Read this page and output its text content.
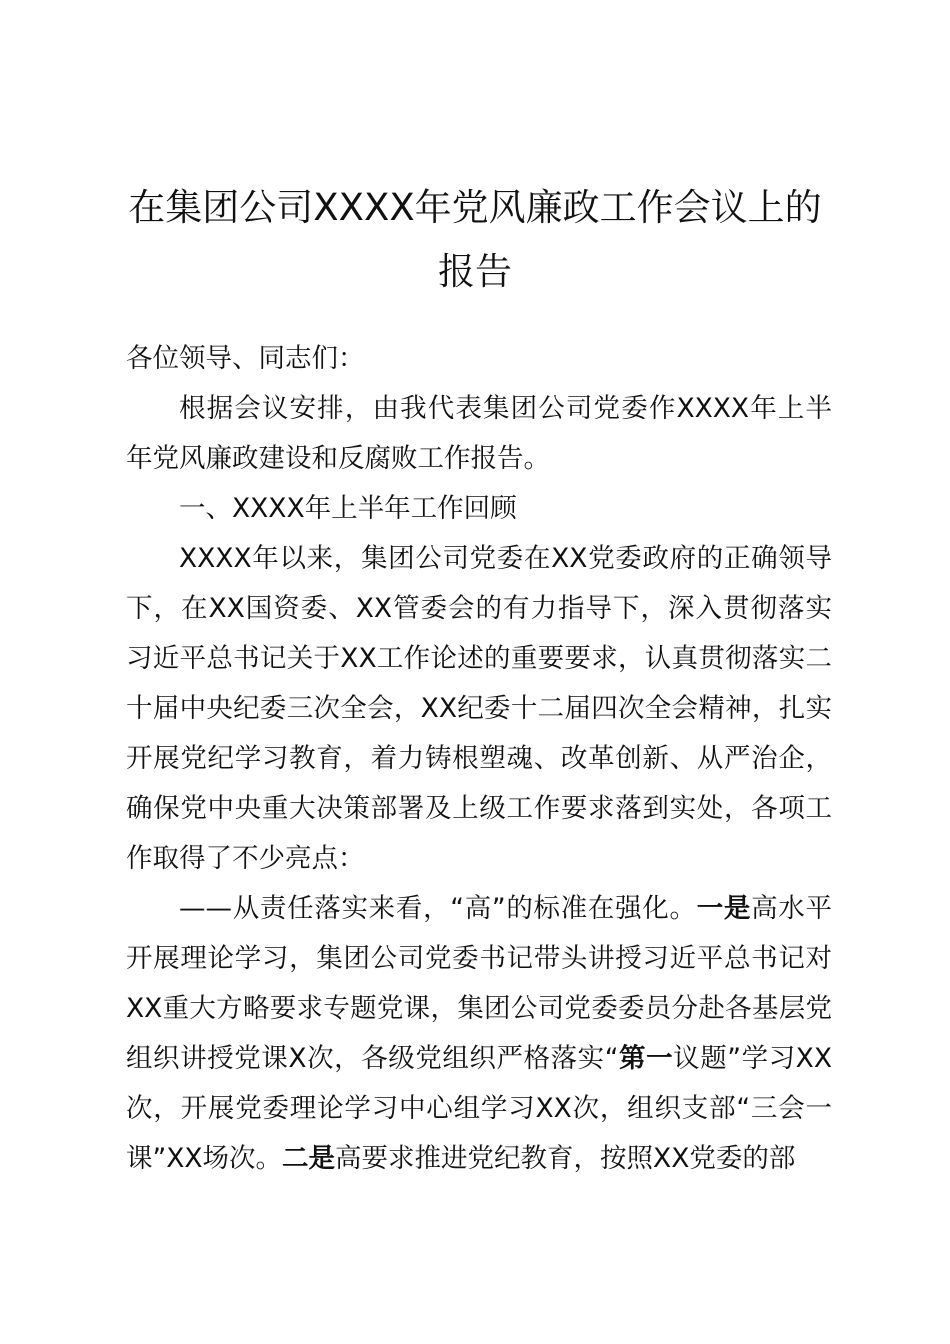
在集团公司XXXX年党风廉政工作会议上的
报告

各位领导、同志们：

根据会议安排，由我代表集团公司党委作XXXX年上半年党风廉政建设和反腐败工作报告。

一、XXXX年上半年工作回顾

XXXX年以来，集团公司党委在XX党委政府的正确领导下，在XX国资委、XX管委会的有力指导下，深入贯彻落实习近平总书记关于XX工作论述的重要要求，认真贯彻落实二十届中央纪委三次全会，XX纪委十二届四次全会精神，扎实开展党纪学习教育，着力铸根塑魂、改革创新、从严治企，确保党中央重大决策部署及上级工作要求落到实处，各项工作取得了不少亮点：

——从责任落实来看，“高”的标准在强化。一是高水平开展理论学习，集团公司党委书记带头讲授习近平总书记对XX重大方略要求专题党课，集团公司党委委员分赴各基层党组织讲授党课X次，各级党组织严格落实“第一议题”学习XX次，开展党委理论学习中心组学习XX次，组织支部“三会一课”XX场次。二是高要求推进党纪教育，按照XX党委的部
